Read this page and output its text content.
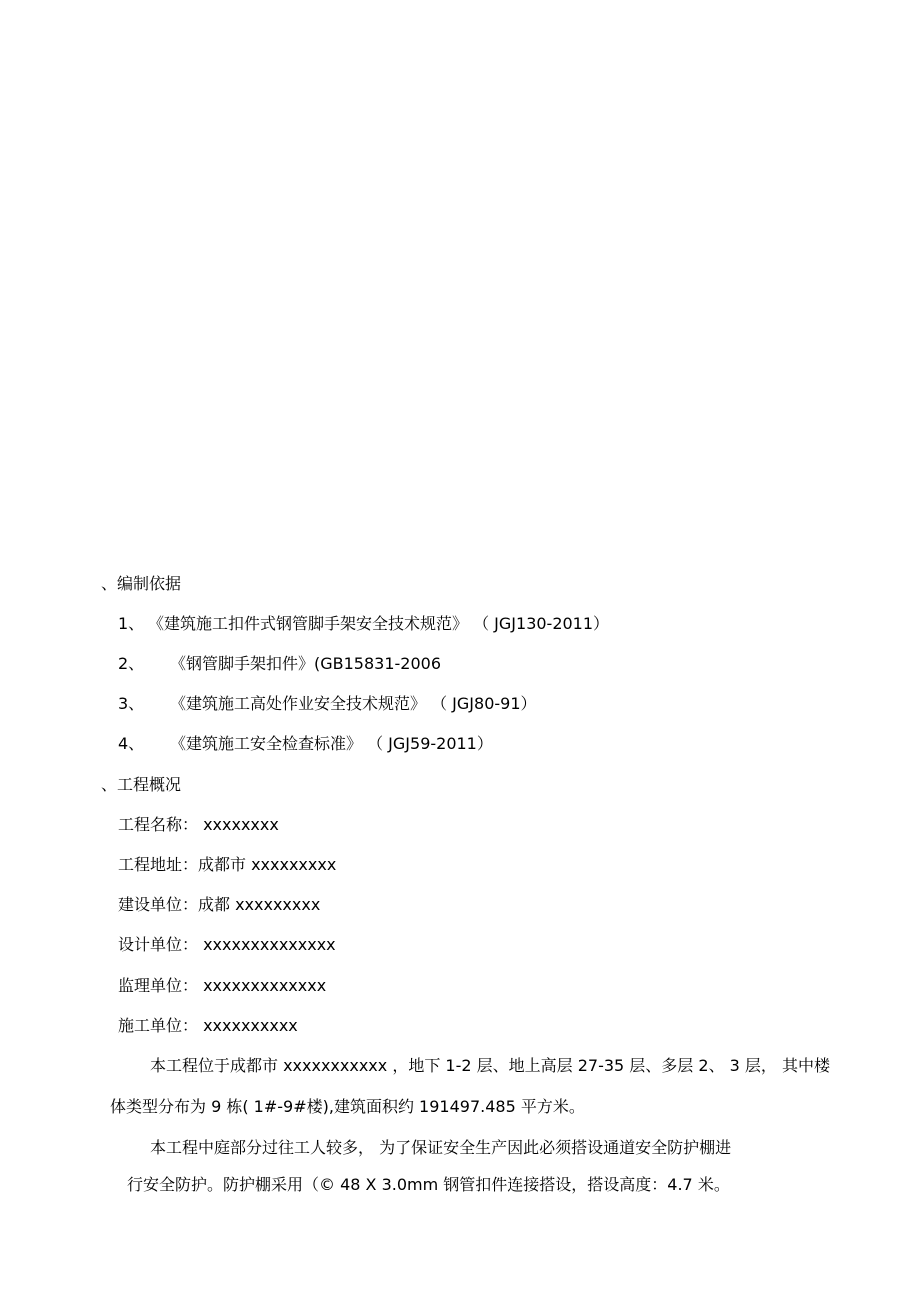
、编制依据
1、 《建筑施工扣件式钢管脚手架安全技术规范》 （ JGJ130-2011）
2、 《钢管脚手架扣件》(GB15831-2006
3、 《建筑施工高处作业安全技术规范》 （ JGJ80-91）
4、 《建筑施工安全检查标准》 （ JGJ59-2011）
、工程概况
工程名称： xxxxxxxx
工程地址：成都市 xxxxxxxxx
建设单位：成都 xxxxxxxxx
设计单位： xxxxxxxxxxxxxx
监理单位： xxxxxxxxxxxxx
施工单位： xxxxxxxxxx
本工程位于成都市 xxxxxxxxxxx ，地下 1-2 层、地上高层 27-35 层、多层 2、 3 层， 其中楼
体类型分布为 9 栋( 1#-9#楼),建筑面积约 191497.485 平方米。
本工程中庭部分过往工人较多， 为了保证安全生产因此必须搭设通道安全防护棚进
行安全防护。防护棚采用（© 48 X 3.0mm 钢管扣件连接搭设，搭设高度：4.7 米。
